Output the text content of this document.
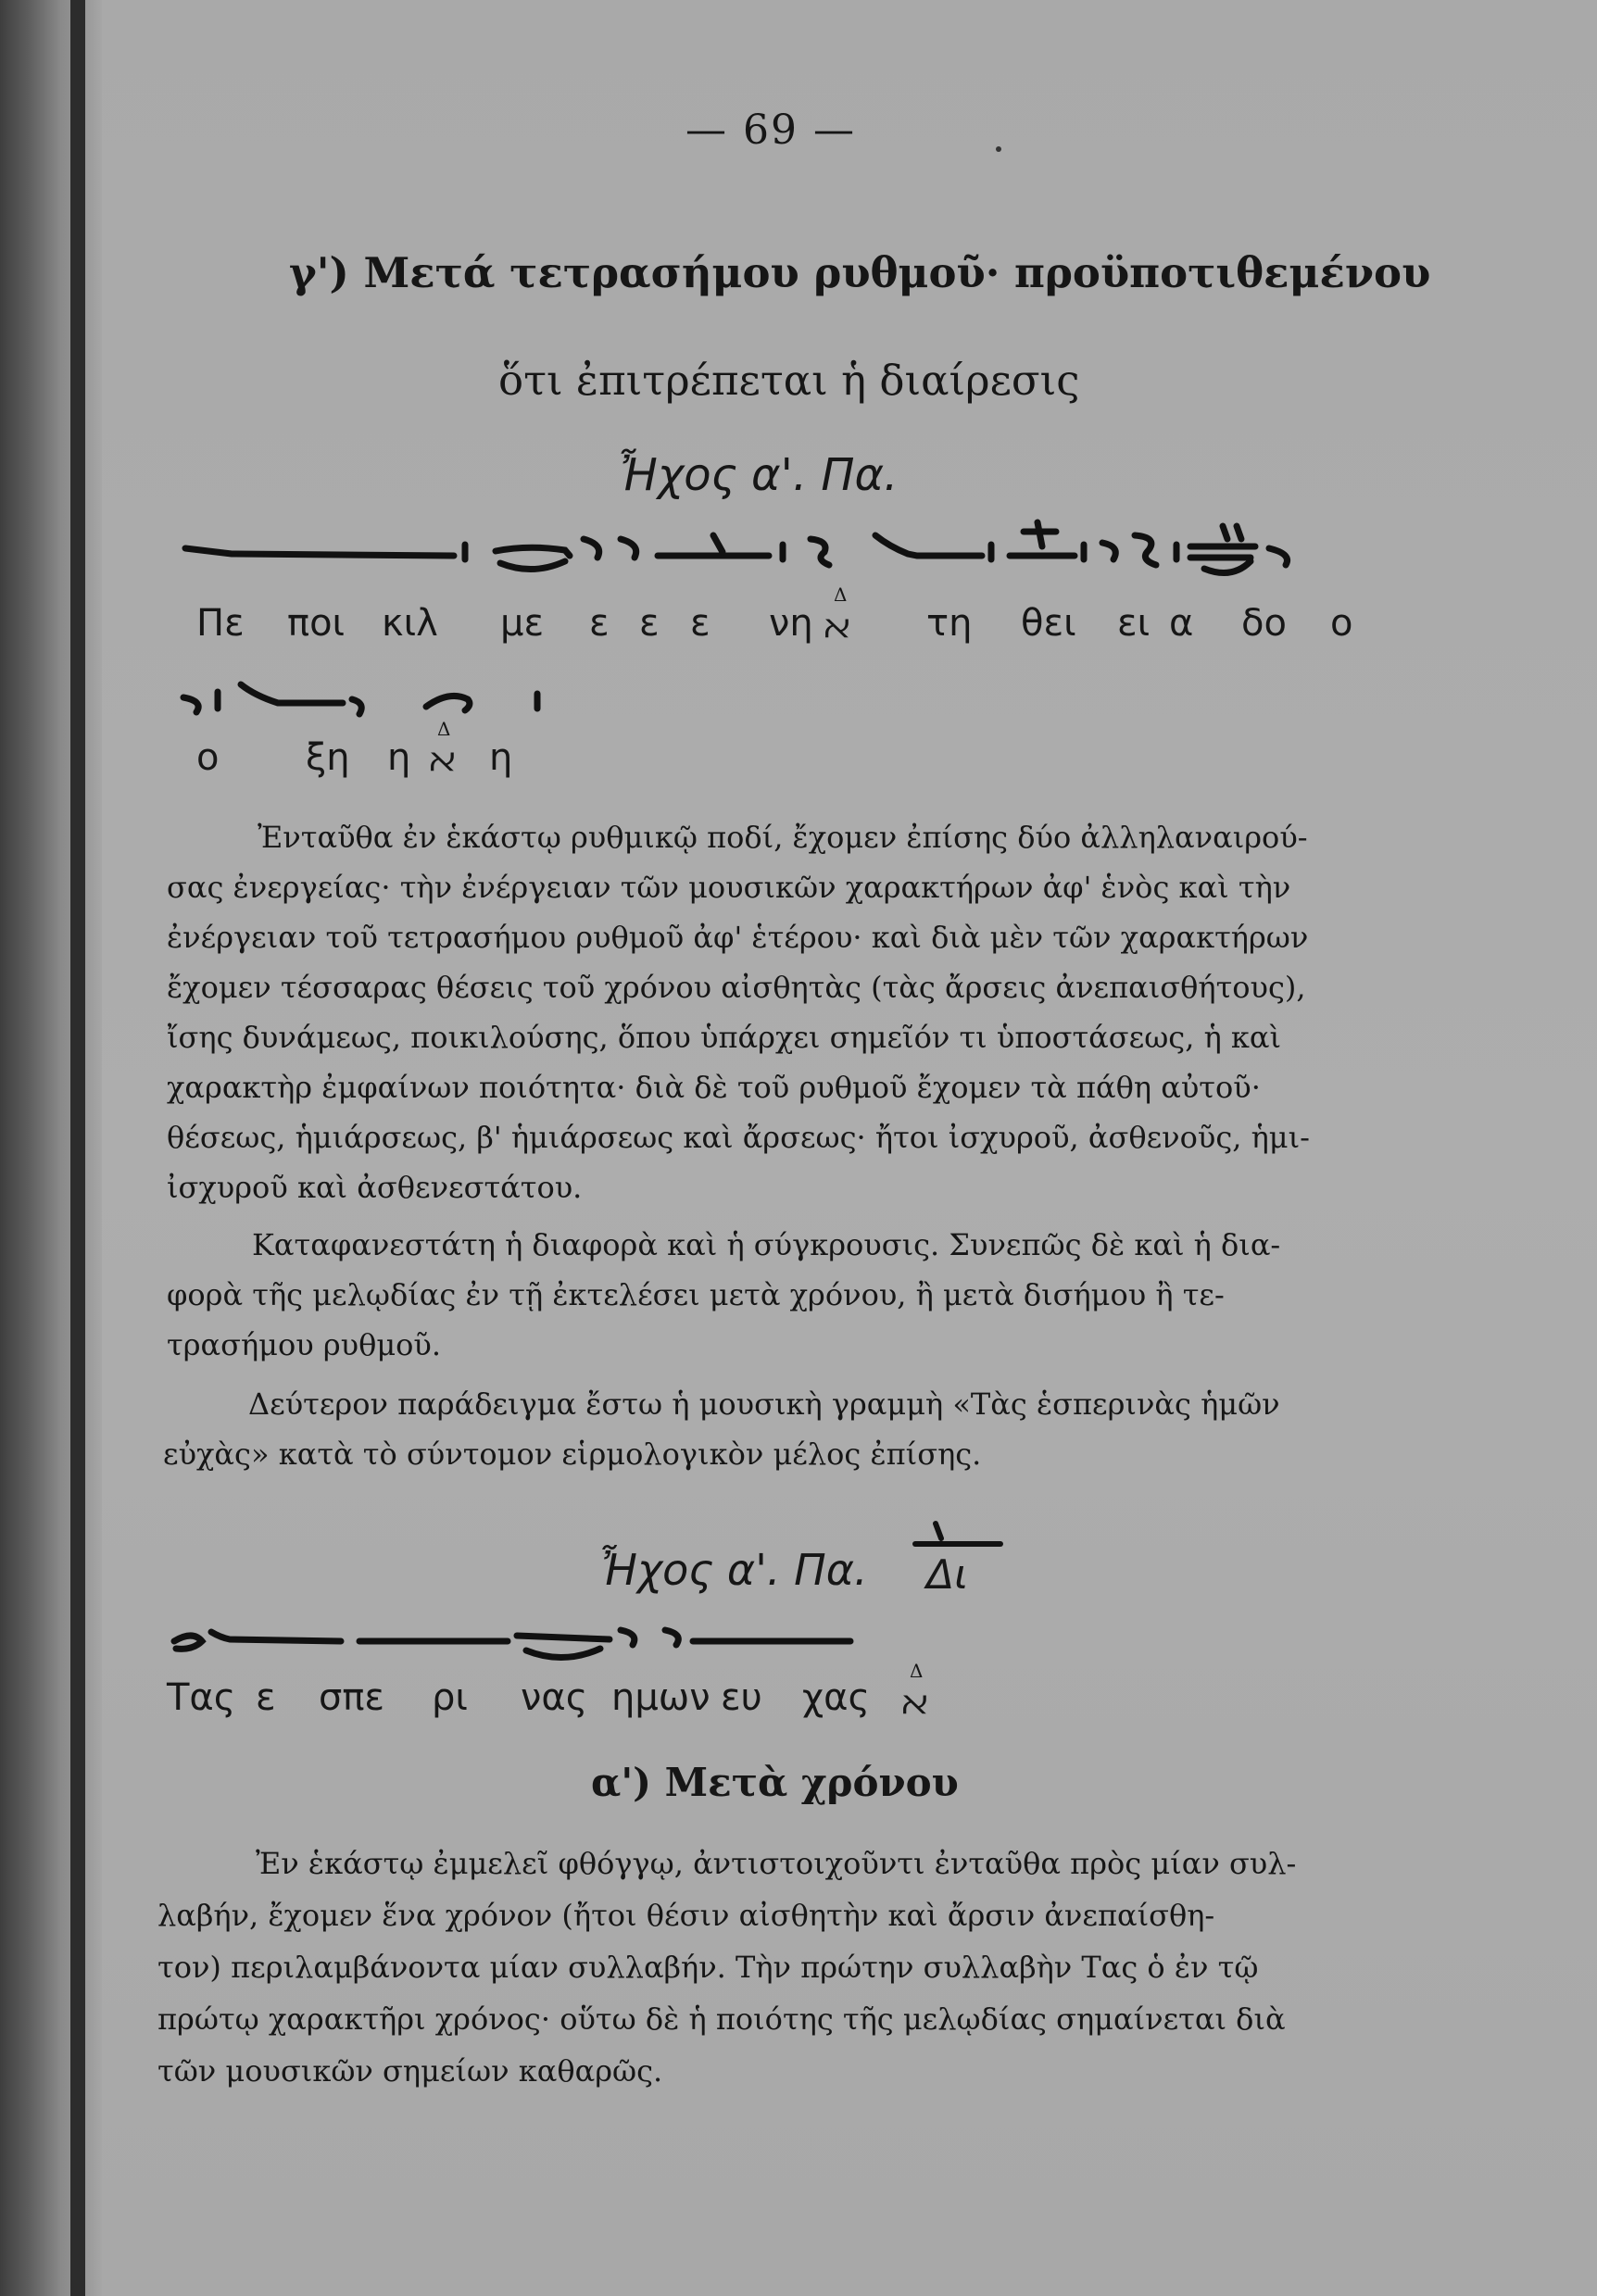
— 69 —
γ') Μετά τετρασήμου ρυθμοῦ· προϋποτιθεμένου
ὅτι ἐπιτρέπεται ἡ διαίρεσις
Ἦχος α'. Πα.
Πε ποι κιλ με ε ε ε νη
Δ
ﬡ τη θει ει α δο ο
ο ξη η
Δ
ﬡ η
Ἐνταῦθα ἐν ἑκάστῳ ρυθμικῷ ποδί, ἔχομεν ἐπίσης δύο ἀλληλαναιρού-
σας ἐνεργείας· τὴν ἐνέργειαν τῶν μουσικῶν χαρακτήρων ἀφ' ἑνὸς καὶ τὴν
ἐνέργειαν τοῦ τετρασήμου ρυθμοῦ ἀφ' ἑτέρου· καὶ διὰ μὲν τῶν χαρακτήρων
ἔχομεν τέσσαρας θέσεις τοῦ χρόνου αἰσθητὰς (τὰς ἄρσεις ἀνεπαισθήτους),
ἴσης δυνάμεως, ποικιλούσης, ὅπου ὑπάρχει σημεῖόν τι ὑποστάσεως, ἡ καὶ
χαρακτὴρ ἐμφαίνων ποιότητα· διὰ δὲ τοῦ ρυθμοῦ ἔχομεν τὰ πάθη αὐτοῦ·
θέσεως, ἡμιάρσεως, β' ἡμιάρσεως καὶ ἄρσεως· ἤτοι ἰσχυροῦ, ἀσθενοῦς, ἡμι-
ἰσχυροῦ καὶ ἀσθενεστάτου.
Καταφανεστάτη ἡ διαφορὰ καὶ ἡ σύγκρουσις. Συνεπῶς δὲ καὶ ἡ δια-
φορὰ τῆς μελῳδίας ἐν τῇ ἐκτελέσει μετὰ χρόνου, ἢ μετὰ δισήμου ἢ τε-
τρασήμου ρυθμοῦ.
Δεύτερον παράδειγμα ἔστω ἡ μουσικὴ γραμμὴ «Τὰς ἑσπερινὰς ἡμῶν
εὐχὰς» κατὰ τὸ σύντομον εἱρμολογικὸν μέλος ἐπίσης.
Ἦχος α'. Πα. Δι
Τας ε σπε ρι νας ημων ευ χας
Δ
ﬡ
α') Μετὰ χρόνου
Ἐν ἑκάστῳ ἐμμελεῖ φθόγγῳ, ἀντιστοιχοῦντι ἐνταῦθα πρὸς μίαν συλ-
λαβήν, ἔχομεν ἕνα χρόνον (ἤτοι θέσιν αἰσθητὴν καὶ ἄρσιν ἀνεπαίσθη-
τον) περιλαμβάνοντα μίαν συλλαβήν. Τὴν πρώτην συλλαβὴν Τας ὁ ἐν τῷ
πρώτῳ χαρακτῆρι χρόνος· οὕτω δὲ ἡ ποιότης τῆς μελῳδίας σημαίνεται διὰ
τῶν μουσικῶν σημείων καθαρῶς.
